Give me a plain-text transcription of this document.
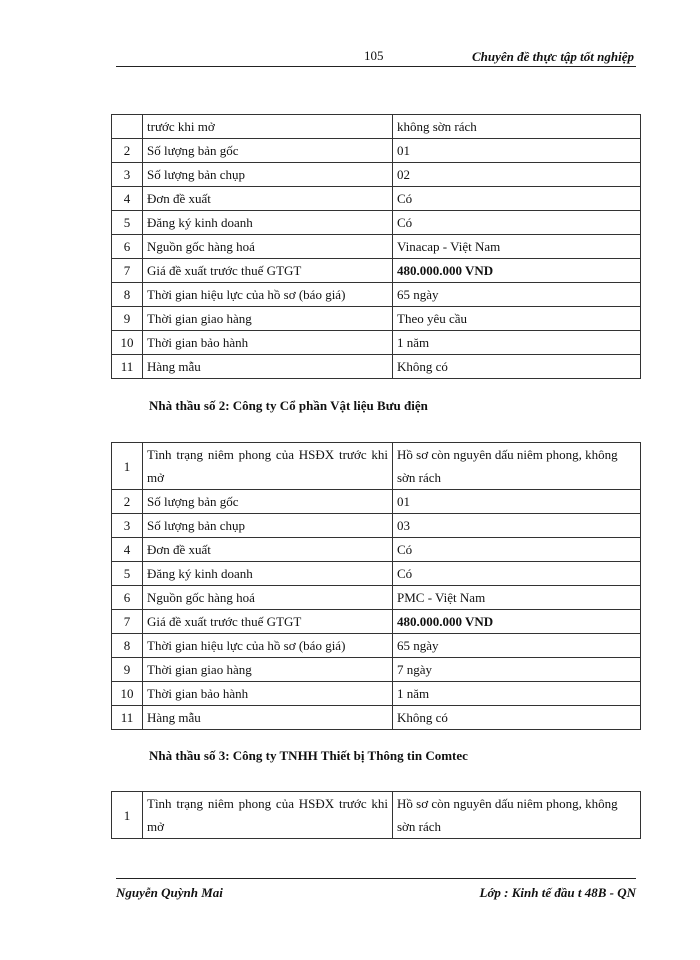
105	Chuyên đề thực tập tốt nghiệp
	trước khi mở	không sờn rách
2	Số lượng bản gốc	01
3	Số lượng bản chụp	02
4	Đơn đề xuất	Có
5	Đăng ký kinh doanh	Có
6	Nguồn gốc hàng hoá	Vinacap - Việt Nam
7	Giá đề xuất trước thuế GTGT	480.000.000 VND
8	Thời gian hiệu lực của hồ sơ (báo giá)	65 ngày
9	Thời gian giao hàng	Theo yêu cầu
10	Thời gian bảo hành	1 năm
11	Hàng mẫu	Không có
Nhà thầu số 2: Công ty Cổ phần Vật liệu Bưu điện
1	Tình trạng niêm phong của HSĐX trước khi mở	Hồ sơ còn nguyên dấu niêm phong, không sờn rách
2	Số lượng bản gốc	01
3	Số lượng bản chụp	03
4	Đơn đề xuất	Có
5	Đăng ký kinh doanh	Có
6	Nguồn gốc hàng hoá	PMC - Việt Nam
7	Giá đề xuất trước thuế GTGT	480.000.000 VND
8	Thời gian hiệu lực của hồ sơ (báo giá)	65 ngày
9	Thời gian giao hàng	7 ngày
10	Thời gian bảo hành	1 năm
11	Hàng mẫu	Không có
Nhà thầu số 3: Công ty TNHH Thiết bị Thông tin Comtec
1	Tình trạng niêm phong của HSĐX trước khi mở	Hồ sơ còn nguyên dấu niêm phong, không sờn rách
Nguyễn Quỳnh Mai	Lớp : Kinh tế đầu t 48B - QN
